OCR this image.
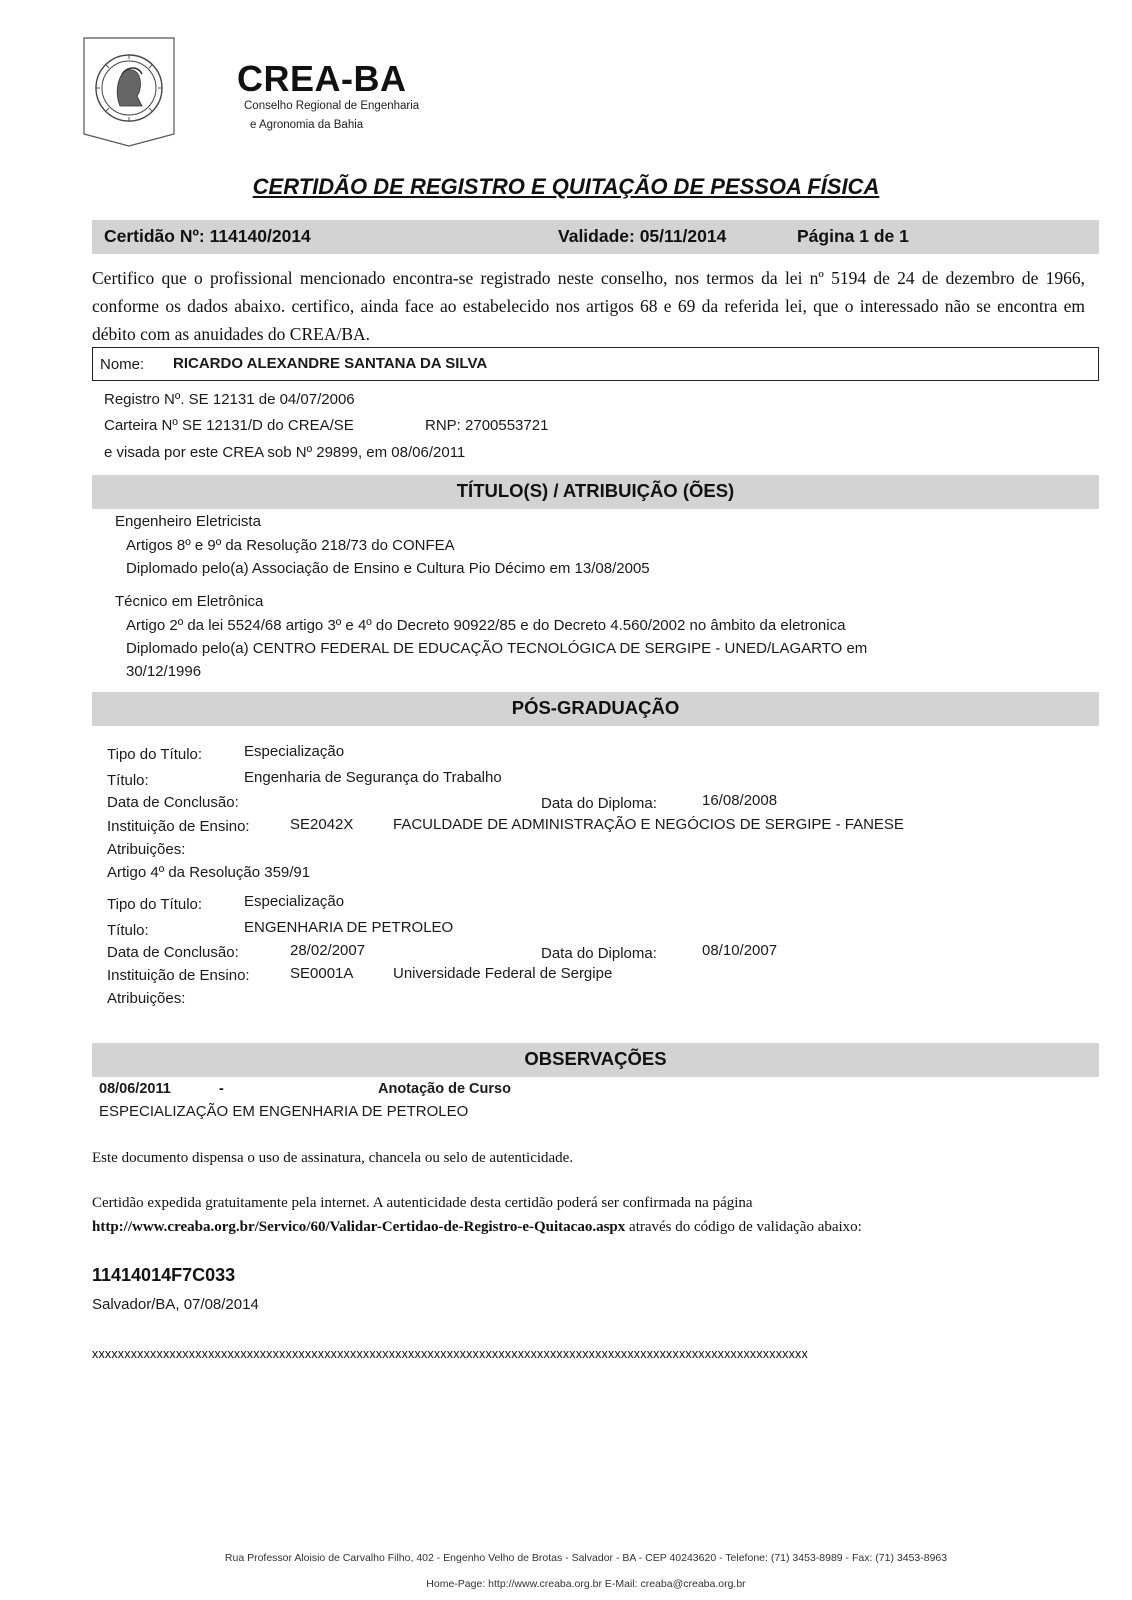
CREA-BA
Conselho Regional de Engenharia
e Agronomia da Bahia
CERTIDÃO DE REGISTRO E QUITAÇÃO DE PESSOA FÍSICA
Certidão Nº: 114140/2014	Validade: 05/11/2014	Página 1 de 1
Certifico que o profissional mencionado encontra-se registrado neste conselho, nos termos da lei nº 5194 de 24 de dezembro de 1966, conforme os dados abaixo. certifico, ainda face ao estabelecido nos artigos 68 e 69 da referida lei, que o interessado não se encontra em débito com as anuidades do CREA/BA.
Nome: RICARDO ALEXANDRE SANTANA DA SILVA
Registro Nº. SE 12131 de 04/07/2006
Carteira Nº SE 12131/D do CREA/SE	RNP: 2700553721
e visada por este CREA sob Nº 29899, em 08/06/2011
TÍTULO(S) / ATRIBUIÇÃO (ÕES)
Engenheiro Eletricista
Artigos 8º e 9º da Resolução 218/73 do CONFEA
Diplomado pelo(a) Associação de Ensino e Cultura Pio Décimo em 13/08/2005
Técnico em Eletrônica
Artigo 2º da lei 5524/68 artigo 3º e 4º do Decreto 90922/85 e do Decreto 4.560/2002 no âmbito da eletronica
Diplomado pelo(a) CENTRO FEDERAL DE EDUCAÇÃO TECNOLÓGICA DE SERGIPE - UNED/LAGARTO em
30/12/1996
PÓS-GRADUAÇÃO
Tipo do Título:	Especialização
Título:	Engenharia de Segurança do Trabalho
Data de Conclusão:	Data do Diploma:	16/08/2008
Instituição de Ensino:	SE2042X	FACULDADE DE ADMINISTRAÇÃO E NEGÓCIOS DE SERGIPE - FANESE
Atribuições:
Artigo 4º da Resolução 359/91
Tipo do Título:	Especialização
Título:	ENGENHARIA DE PETROLEO
Data de Conclusão:	28/02/2007	Data do Diploma:	08/10/2007
Instituição de Ensino:	SE0001A	Universidade Federal de Sergipe
Atribuições:
OBSERVAÇÕES
08/06/2011	-	Anotação de Curso
ESPECIALIZAÇÃO EM ENGENHARIA DE PETROLEO
Este documento dispensa o uso de assinatura, chancela ou selo de autenticidade.
Certidão expedida gratuitamente pela internet. A autenticidade desta certidão poderá ser confirmada na página
http://www.creaba.org.br/Servico/60/Validar-Certidao-de-Registro-e-Quitacao.aspx através do código de validação abaixo:
11414014F7C033
Salvador/BA, 07/08/2014
xxxxxxxxxxxxxxxxxxxxxxxxxxxxxxxxxxxxxxxxxxxxxxxxxxxxxxxxxxxxxxxxxxxxxxxxxxxxxxxxxxxxxxxxxxxxxxxxxxxxxxxxxxxxxxx
Rua Professor Aloisio de Carvalho Filho, 402 - Engenho Velho de Brotas - Salvador - BA - CEP 40243620 - Telefone: (71) 3453-8989 - Fax: (71) 3453-8963
Home-Page: http://www.creaba.org.br E-Mail: creaba@creaba.org.br
